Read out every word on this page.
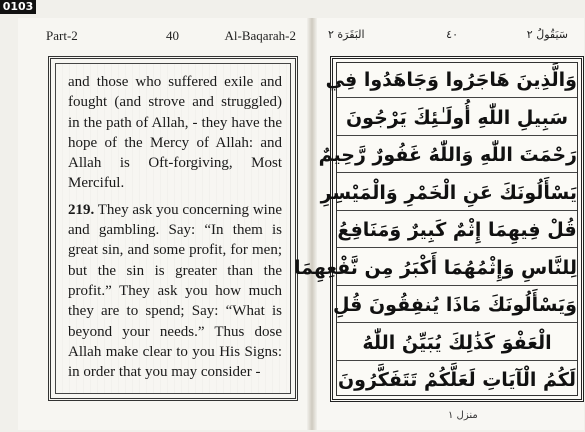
0103
Part-2	40	Al-Baqarah-2	سَيَقُولُ ٢
٤٠
البَقَرَة ٢

and those who suffered exile and fought (and strove and struggled) in the path of Allah, - they have the hope of the Mercy of Allah: and Allah is Oft-forgiving, Most Merciful.

219. They ask you concerning wine and gambling. Say: “In them is great sin, and some profit, for men; but the sin is greater than the profit.” They ask you how much they are to spend; Say: “What is beyond your needs.” Thus dose Allah make clear to you His Signs: in order that you may consider -

وَالَّذِينَ هَاجَرُوا وَجَاهَدُوا فِي
سَبِيلِ اللّٰهِ أُولَـٰئِكَ يَرْجُونَ
رَحْمَتَ اللّٰهِ وَاللّٰهُ غَفُورٌ رَّحِيمٌ
يَسْأَلُونَكَ عَنِ الْخَمْرِ وَالْمَيْسِرِ
قُلْ فِيهِمَا إِثْمٌ كَبِيرٌ وَمَنَافِعُ
لِلنَّاسِ وَإِثْمُهُمَا أَكْبَرُ مِن نَّفْعِهِمَا
وَيَسْأَلُونَكَ مَاذَا يُنفِقُونَ قُلِ
الْعَفْوَ كَذَٰلِكَ يُبَيِّنُ اللّٰهُ
لَكُمُ الْآيَاتِ لَعَلَّكُمْ تَتَفَكَّرُونَ
منزل ١
